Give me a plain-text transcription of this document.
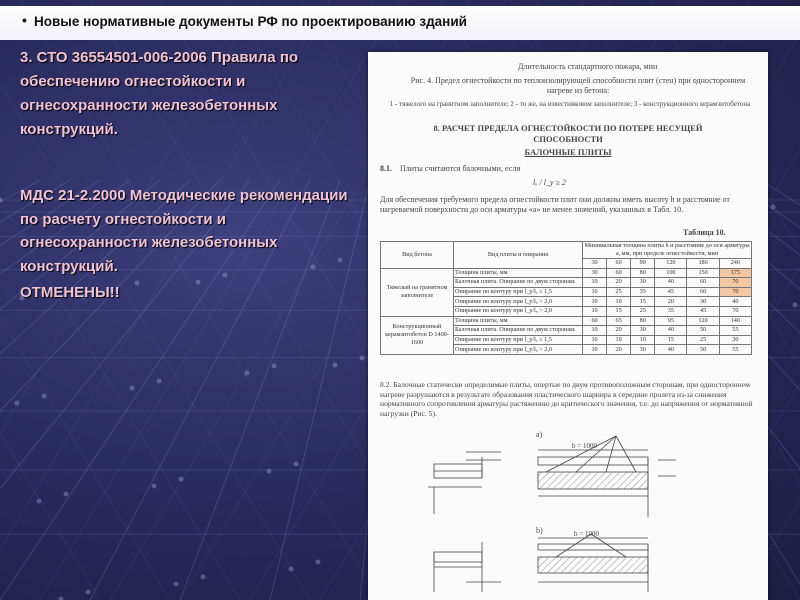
• Новые нормативные документы РФ по проектированию зданий
3. СТО 36554501-006-2006 Правила по обеспечению огнестойкости и огнесохранности железобетонных конструкций.
МДС 21-2.2000 Методические рекомендации по расчету огнестойкости и огнесохранности железобетонных конструкций.
ОТМЕНЕНЫ!!
Длительность стандартного пожара, мин
Рис. 4. Предел огнестойкости по теплоизолирующей способности плит (стен) при одностороннем нагреве из бетона:
1 - тяжелого на гранитном заполнителе; 2 - то же, на известняковом заполнителе; 3 - конструкционного керамзитобетона
8. РАСЧЕТ ПРЕДЕЛА ОГНЕСТОЙКОСТИ ПО ПОТЕРЕ НЕСУЩЕЙ СПОСОБНОСТИ
БАЛОЧНЫЕ ПЛИТЫ
8.1. Плиты считаются балочными, если
lₓ / l_y ≥ 2
Для обеспечения требуемого предела огнестойкости плит они должны иметь высоту h и расстояние от нагреваемой поверхности до оси арматуры «а» не менее значений, указанных в Табл. 10.
Таблица 10.
Вид бетона	Вид плиты и опирания	Минимальная толщина плиты h и расстояние до оси арматуры а, мм, при пределе огнестойкости, мин					
		30	60	90	120	180	240
Тяжелый на гранитном заполнителе	Толщина плиты, мм	30	60	80	100	150	175
	Балочная плита. Опирание по двум сторонам.	10	20	30	40	60	70
	Опирание по контуру при l_y/lₓ ≤ 1,5	10	25	35	45	60	70
	Опирание по контуру при l_y/lₓ > 2,0	10	10	15	20	30	40
	Опирание по контуру при l_y/lₓ > 2,0	10	15	25	35	45	70
Конструкционный керамзитобетон D 1400-1600	Толщина плиты, мм	60	65	80	95	120	140
	Балочная плита. Опирание по двум сторонам.	10	20	30	40	50	55
	Опирание по контуру при l_y/lₓ ≤ 1,5	10	10	10	15	25	30
	Опирание по контуру при l_y/lₓ > 2,0	10	20	30	40	50	55
8.2. Балочные статически определимые плиты, опертые по двум противоположным сторонам, при одностороннем нагреве разрушаются в результате образования пластического шарнира в середине пролета из-за снижения нормативного сопротивления арматуры растяжению до критического значения, т.е. до напряжения от нормативной нагрузки (Рис. 5).
а)
b)
b = 1000
b = 1000
